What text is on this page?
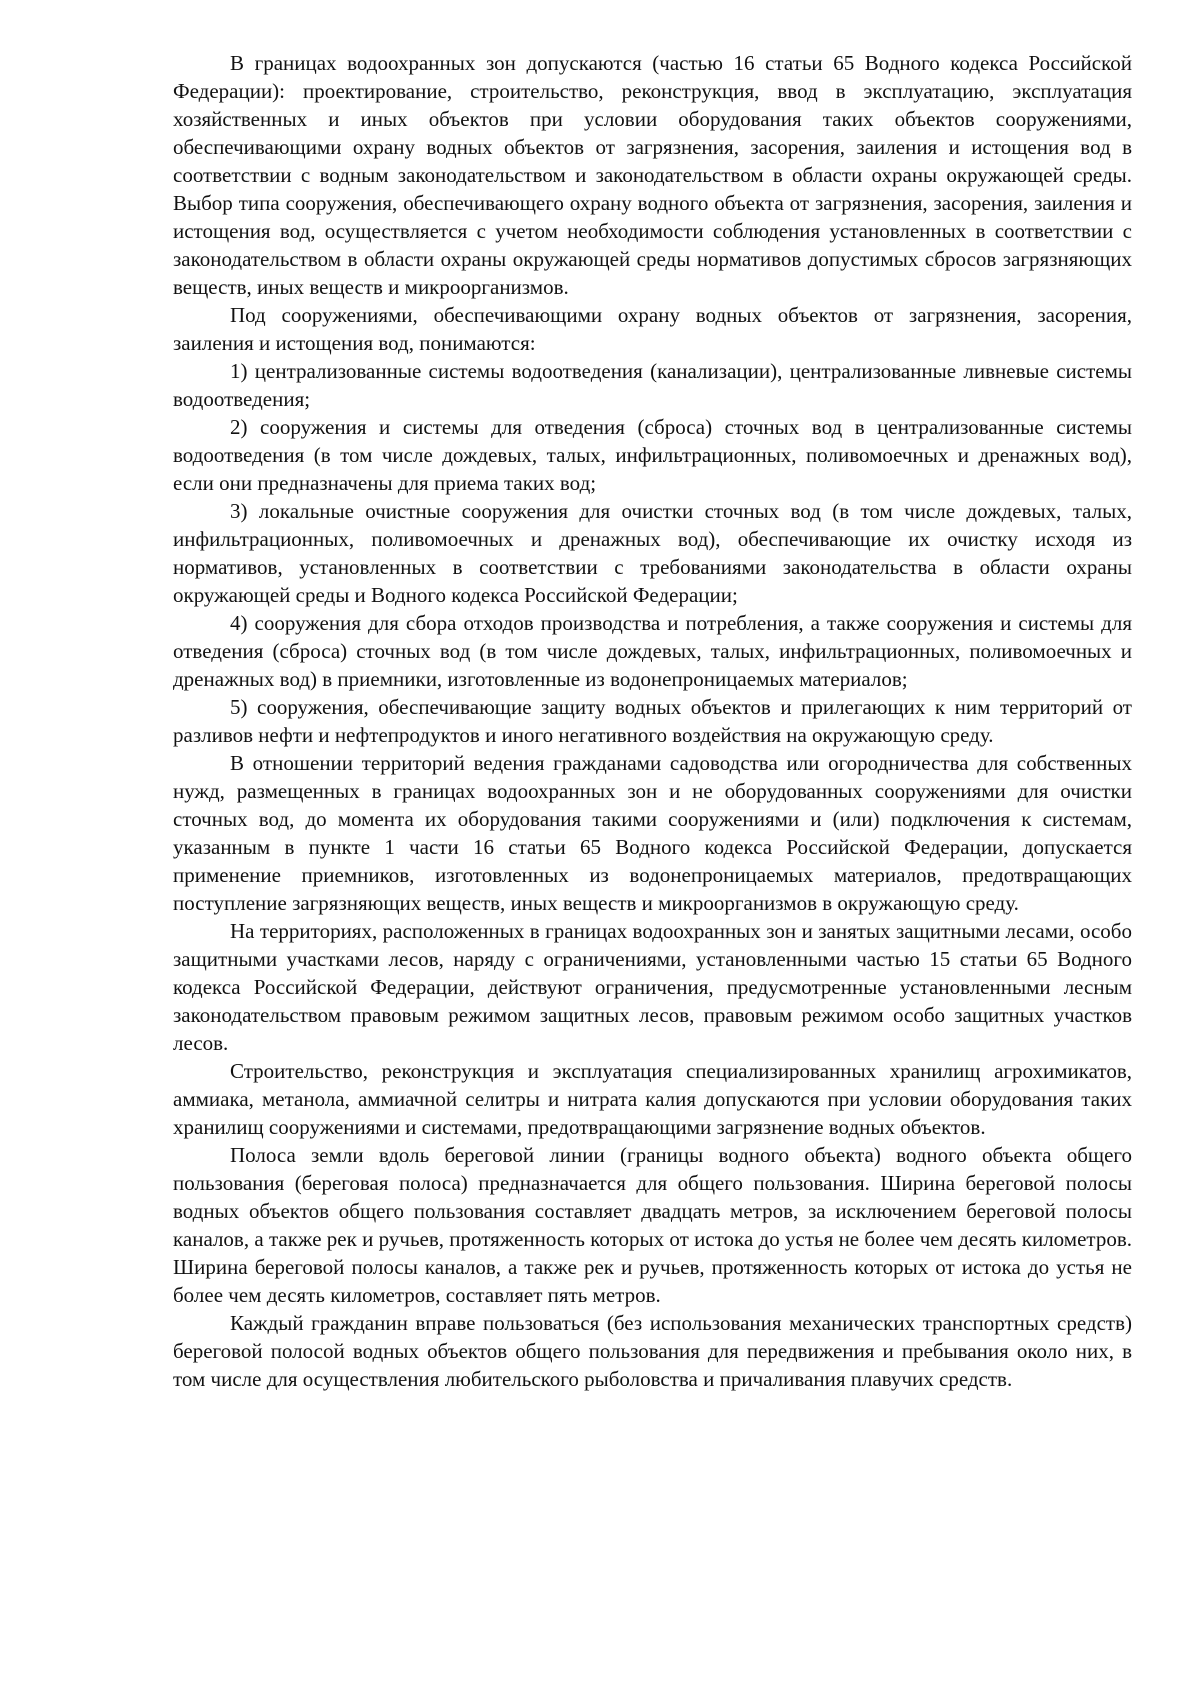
В границах водоохранных зон допускаются (частью 16 статьи 65 Водного кодекса Российской Федерации): проектирование, строительство, реконструкция, ввод в эксплуатацию, эксплуатация хозяйственных и иных объектов при условии оборудования таких объектов сооружениями, обеспечивающими охрану водных объектов от загрязнения, засорения, заиления и истощения вод в соответствии с водным законодательством и законодательством в области охраны окружающей среды. Выбор типа сооружения, обеспечивающего охрану водного объекта от загрязнения, засорения, заиления и истощения вод, осуществляется с учетом необходимости соблюдения установленных в соответствии с законодательством в области охраны окружающей среды нормативов допустимых сбросов загрязняющих веществ, иных веществ и микроорганизмов.

Под сооружениями, обеспечивающими охрану водных объектов от загрязнения, засорения, заиления и истощения вод, понимаются:

1) централизованные системы водоотведения (канализации), централизованные ливневые системы водоотведения;

2) сооружения и системы для отведения (сброса) сточных вод в централизованные системы водоотведения (в том числе дождевых, талых, инфильтрационных, поливомоечных и дренажных вод), если они предназначены для приема таких вод;

3) локальные очистные сооружения для очистки сточных вод (в том числе дождевых, талых, инфильтрационных, поливомоечных и дренажных вод), обеспечивающие их очистку исходя из нормативов, установленных в соответствии с требованиями законодательства в области охраны окружающей среды и Водного кодекса Российской Федерации;

4) сооружения для сбора отходов производства и потребления, а также сооружения и системы для отведения (сброса) сточных вод (в том числе дождевых, талых, инфильтрационных, поливомоечных и дренажных вод) в приемники, изготовленные из водонепроницаемых материалов;

5) сооружения, обеспечивающие защиту водных объектов и прилегающих к ним территорий от разливов нефти и нефтепродуктов и иного негативного воздействия на окружающую среду.

В отношении территорий ведения гражданами садоводства или огородничества для собственных нужд, размещенных в границах водоохранных зон и не оборудованных сооружениями для очистки сточных вод, до момента их оборудования такими сооружениями и (или) подключения к системам, указанным в пункте 1 части 16 статьи 65 Водного кодекса Российской Федерации, допускается применение приемников, изготовленных из водонепроницаемых материалов, предотвращающих поступление загрязняющих веществ, иных веществ и микроорганизмов в окружающую среду.

На территориях, расположенных в границах водоохранных зон и занятых защитными лесами, особо защитными участками лесов, наряду с ограничениями, установленными частью 15 статьи 65 Водного кодекса Российской Федерации, действуют ограничения, предусмотренные установленными лесным законодательством правовым режимом защитных лесов, правовым режимом особо защитных участков лесов.

Строительство, реконструкция и эксплуатация специализированных хранилищ агрохимикатов, аммиака, метанола, аммиачной селитры и нитрата калия допускаются при условии оборудования таких хранилищ сооружениями и системами, предотвращающими загрязнение водных объектов.

Полоса земли вдоль береговой линии (границы водного объекта) водного объекта общего пользования (береговая полоса) предназначается для общего пользования. Ширина береговой полосы водных объектов общего пользования составляет двадцать метров, за исключением береговой полосы каналов, а также рек и ручьев, протяженность которых от истока до устья не более чем десять километров. Ширина береговой полосы каналов, а также рек и ручьев, протяженность которых от истока до устья не более чем десять километров, составляет пять метров.

Каждый гражданин вправе пользоваться (без использования механических транспортных средств) береговой полосой водных объектов общего пользования для передвижения и пребывания около них, в том числе для осуществления любительского рыболовства и причаливания плавучих средств.
